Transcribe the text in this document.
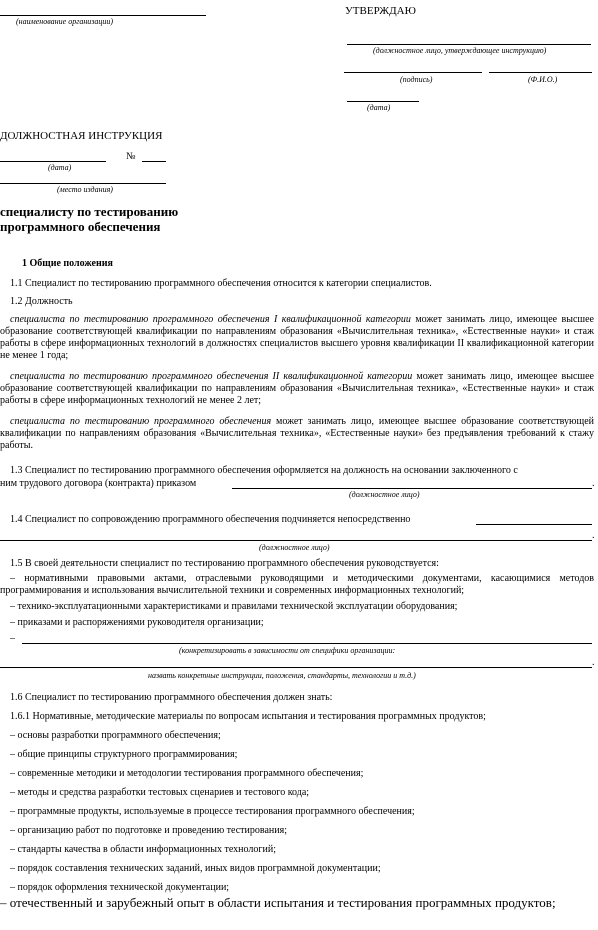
(наименование организации)
УТВЕРЖДАЮ
(должностное лицо, утверждающее инструкцию)
(подпись)	(Ф.И.О.)
(дата)
ДОЛЖНОСТНАЯ ИНСТРУКЦИЯ
№
(дата)
(место издания)
специалисту по тестированию
программного обеспечения
1 Общие положения
1.1 Специалист по тестированию программного обеспечения относится к категории специалистов.
1.2 Должность
специалиста по тестированию программного обеспечения I квалификационной категории может занимать лицо, имеющее высшее образование соответствующей квалификации по направлениям образования «Вычислительная техника», «Естественные науки» и стаж работы в сфере информационных технологий в должностях специалистов высшего уровня квалификации II квалификационной категории не менее 1 года;
специалиста по тестированию программного обеспечения II квалификационной категории может занимать лицо, имеющее высшее образование соответствующей квалификации по направлениям образования «Вычислительная техника», «Естественные науки» и стаж работы в сфере информационных технологий не менее 2 лет;
специалиста по тестированию программного обеспечения может занимать лицо, имеющее высшее образование соответствующей квалификации по направлениям образования «Вычислительная техника», «Естественные науки» без предъявления требований к стажу работы.
1.3 Специалист по тестированию программного обеспечения оформляется на должность на основании заключенного с
ним трудового договора (контракта) приказом	.
(должностное лицо)
1.4 Специалист по сопровождению программного обеспечения подчиняется непосредственно
.
(должностное лицо)
1.5 В своей деятельности специалист по тестированию программного обеспечения руководствуется:
– нормативными правовыми актами, отраслевыми руководящими и методическими документами, касающимися методов программирования и использования вычислительной техники и современных информационных технологий;
– технико-эксплуатационными характеристиками и правилами технической эксплуатации оборудования;
– приказами и распоряжениями руководителя организации;
–
(конкретизировать в зависимости от специфики организации:
.
назвать конкретные инструкции, положения, стандарты, технологии и т.д.)
1.6 Специалист по тестированию программного обеспечения должен знать:
1.6.1 Нормативные, методические материалы по вопросам испытания и тестирования программных продуктов;
– основы разработки программного обеспечения;
– общие принципы структурного программирования;
– современные методики и методологии тестирования программного обеспечения;
– методы и средства разработки тестовых сценариев и тестового кода;
– программные продукты, используемые в процессе тестирования программного обеспечения;
– организацию работ по подготовке и проведению тестирования;
– стандарты качества в области информационных технологий;
– порядок составления технических заданий, иных видов программной документации;
– порядок оформления технической документации;
– отечественный и зарубежный опыт в области испытания и тестирования программных продуктов;
